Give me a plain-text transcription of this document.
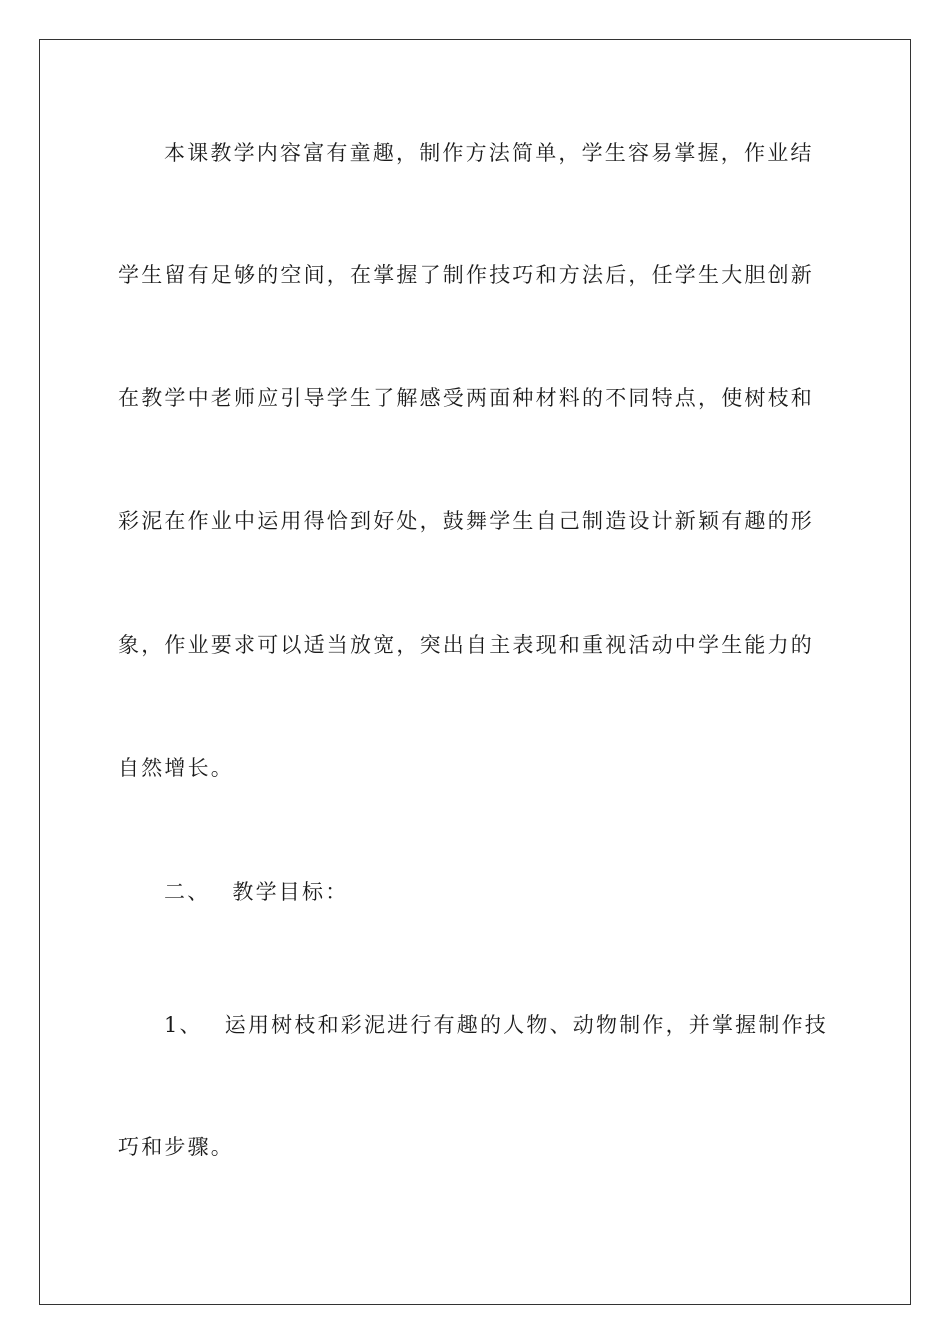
本课教学内容富有童趣，制作方法简单，学生容易掌握，作业结
学生留有足够的空间，在掌握了制作技巧和方法后，任学生大胆创新
在教学中老师应引导学生了解感受两面种材料的不同特点，使树枝和
彩泥在作业中运用得恰到好处，鼓舞学生自己制造设计新颖有趣的形
象，作业要求可以适当放宽，突出自主表现和重视活动中学生能力的
自然增长。
二、 教学目标：
1、 运用树枝和彩泥进行有趣的人物、动物制作，并掌握制作技
巧和步骤。
